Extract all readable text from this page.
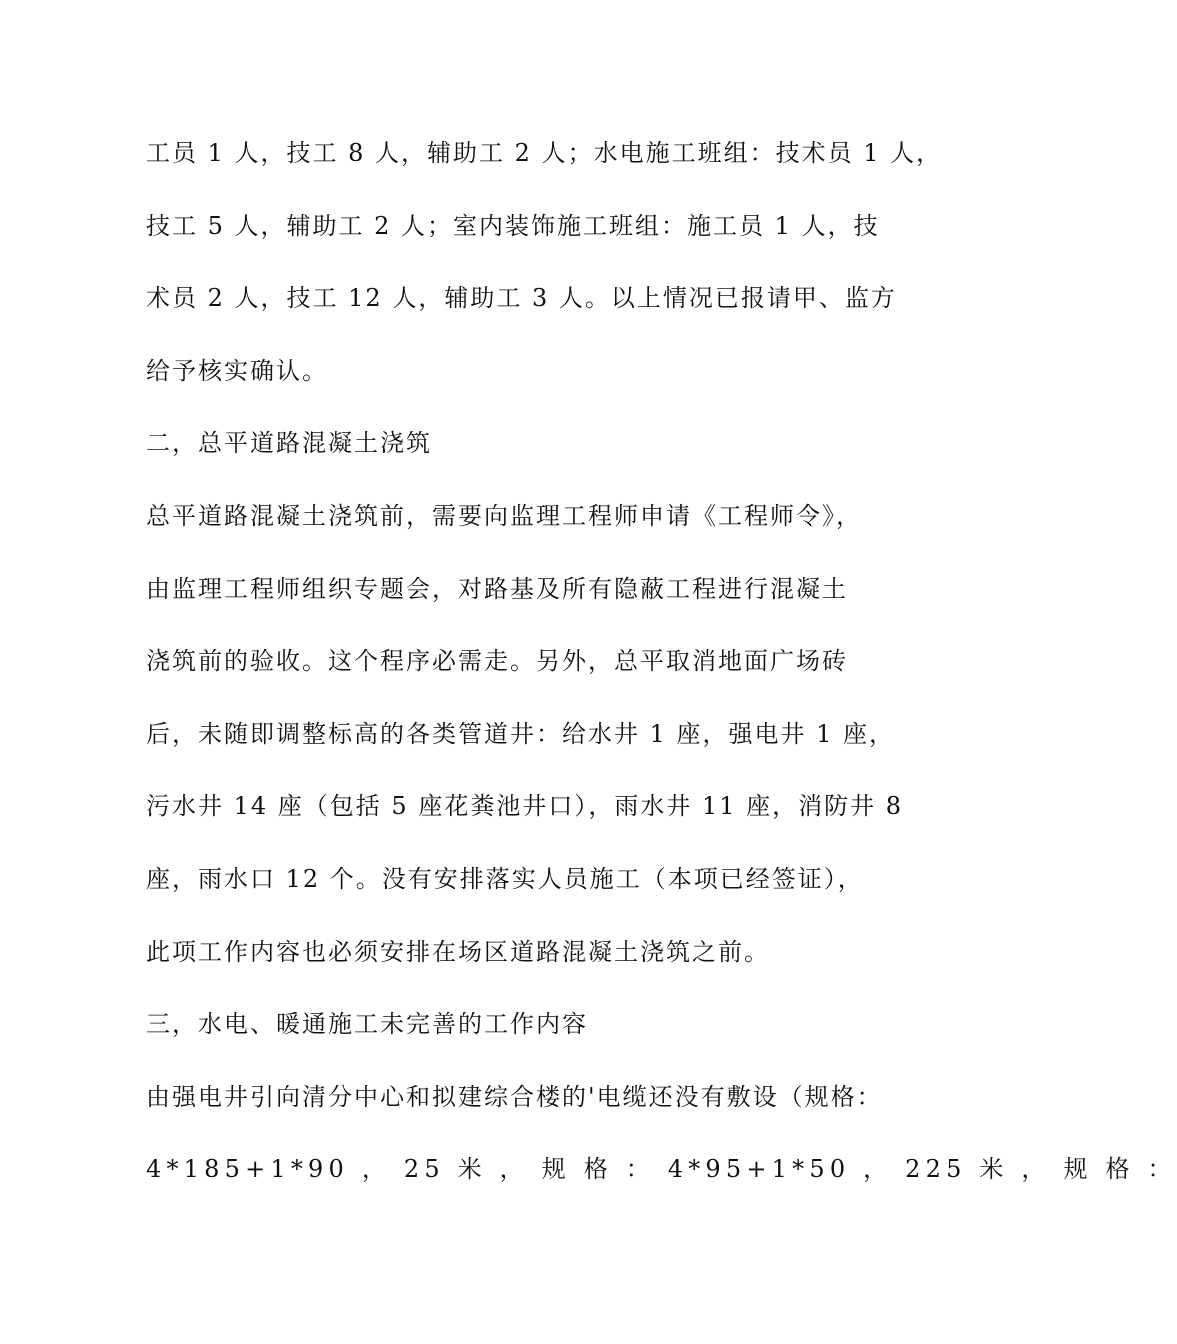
工员 1 人，技工 8 人，辅助工 2 人；水电施工班组：技术员 1 人，
技工 5 人，辅助工 2 人；室内装饰施工班组：施工员 1 人，技
术员 2 人，技工 12 人，辅助工 3 人。以上情况已报请甲、监方
给予核实确认。
二，总平道路混凝土浇筑
总平道路混凝土浇筑前，需要向监理工程师申请《工程师令》，
由监理工程师组织专题会，对路基及所有隐蔽工程进行混凝土
浇筑前的验收。这个程序必需走。另外，总平取消地面广场砖
后，未随即调整标高的各类管道井：给水井 1 座，强电井 1 座，
污水井 14 座（包括 5 座花粪池井口），雨水井 11 座，消防井 8
座，雨水口 12 个。没有安排落实人员施工（本项已经签证），
此项工作内容也必须安排在场区道路混凝土浇筑之前。
三，水电、暖通施工未完善的工作内容
由强电井引向清分中心和拟建综合楼的'电缆还没有敷设（规格：
4*185+1*90 ， 25 米 ， 规 格 ： 4*95+1*50 ， 225 米 ， 规 格 ：
